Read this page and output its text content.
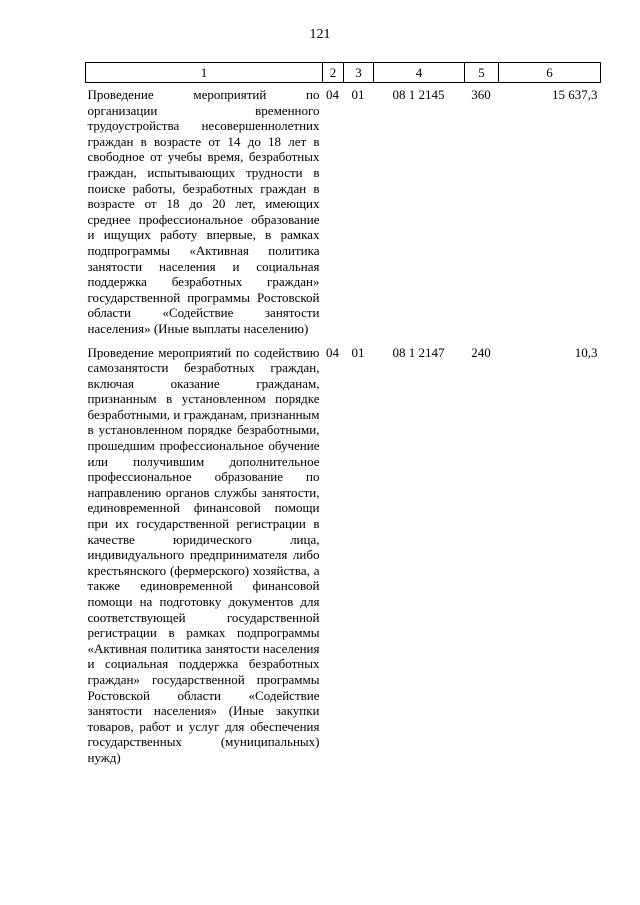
121
1	2	3	4	5	6
Проведение мероприятий по организации временного трудоустройства несовершеннолетних граждан в возрасте от 14 до 18 лет в свободное от учебы время, безработных граждан, испытывающих трудности в поиске работы, безработных граждан в возрасте от 18 до 20 лет, имеющих среднее профессиональное образование и ищущих работу впервые, в рамках подпрограммы «Активная политика занятости населения и социальная поддержка безработных граждан» государственной программы Ростовской области «Содействие занятости населения» (Иные выплаты населению)	04	01	08 1 2145	360	15 637,3
Проведение мероприятий по содействию самозанятости безработных граждан, включая оказание гражданам, признанным в установленном порядке безработными, и гражданам, признанным в установленном порядке безработными, прошедшим профессиональное обучение или получившим дополнительное профессиональное образование по направлению органов службы занятости, единовременной финансовой помощи при их государственной регистрации в качестве юридического лица, индивидуального предпринимателя либо крестьянского (фермерского) хозяйства, а также единовременной финансовой помощи на подготовку документов для соответствующей государственной регистрации в рамках подпрограммы «Активная политика занятости населения и социальная поддержка безработных граждан» государственной программы Ростовской области «Содействие занятости населения» (Иные закупки товаров, работ и услуг для обеспечения государственных (муниципальных) нужд)	04	01	08 1 2147	240	10,3
